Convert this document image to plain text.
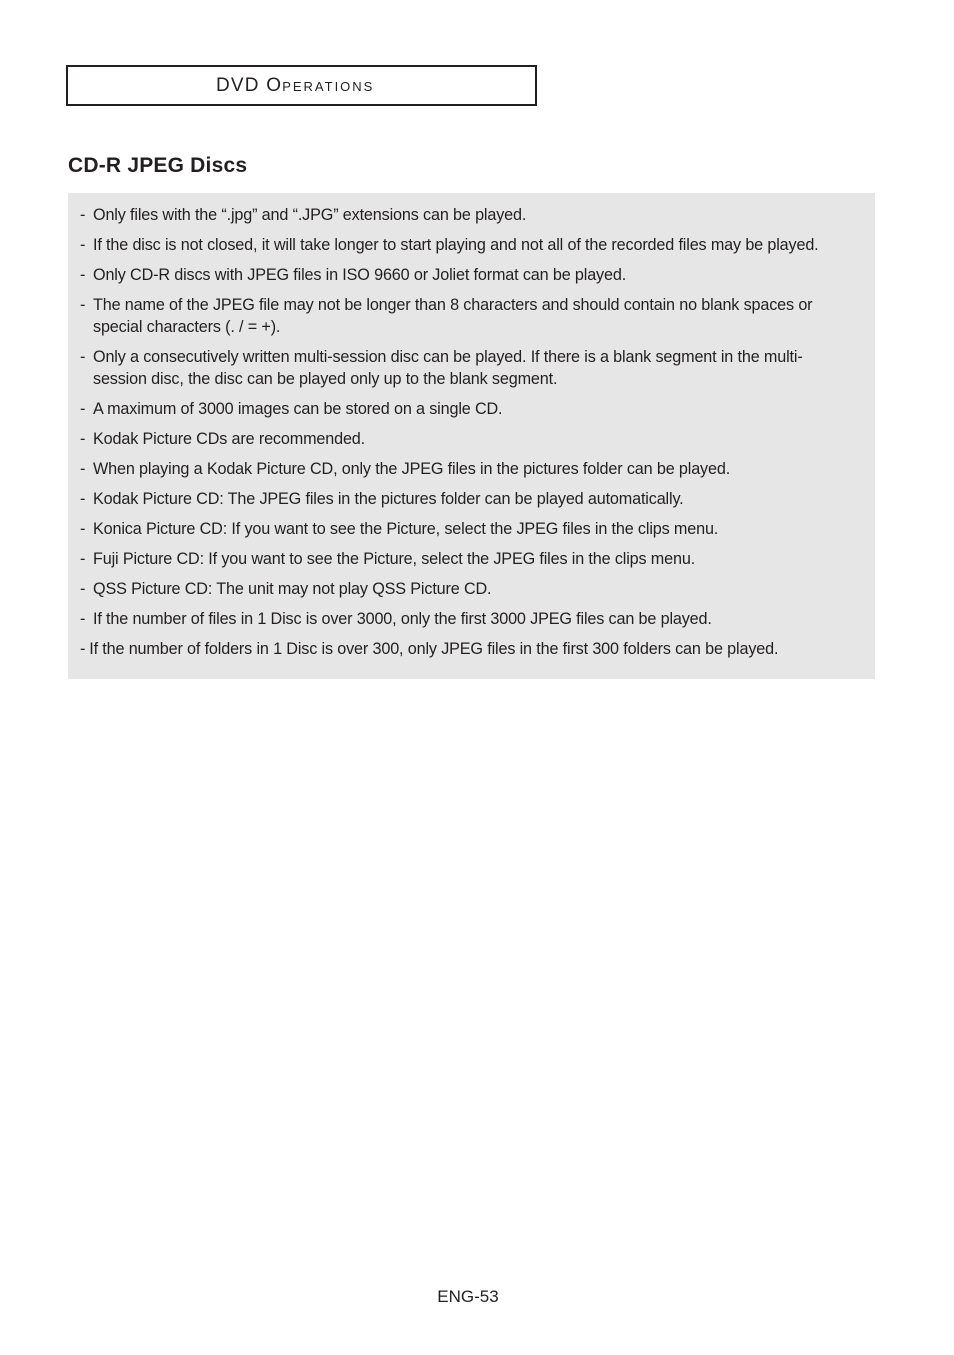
DVD Operations
CD-R JPEG Discs
- Only files with the “.jpg” and “.JPG” extensions can be played.
- If the disc is not closed, it will take longer to start playing and not all of the recorded files may be played.
- Only CD-R discs with JPEG files in ISO 9660 or Joliet format can be played.
- The name of the JPEG file may not be longer than 8 characters and should contain no blank spaces or special characters (. / = +).
- Only a consecutively written multi-session disc can be played. If there is a blank segment in the multi-session disc, the disc can be played only up to the blank segment.
- A maximum of 3000 images can be stored on a single CD.
- Kodak Picture CDs are recommended.
- When playing a Kodak Picture CD, only the JPEG files in the pictures folder can be played.
- Kodak Picture CD: The JPEG files in the pictures folder can be played automatically.
- Konica Picture CD: If you want to see the Picture, select the JPEG files in the clips menu.
- Fuji Picture CD: If you want to see the Picture, select the JPEG files in the clips menu.
- QSS Picture CD: The unit may not play QSS Picture CD.
- If the number of files in 1 Disc is over 3000, only the first 3000 JPEG files can be played.
- If the number of folders in 1 Disc is over 300, only JPEG files in the first 300 folders can be played.
ENG-53
